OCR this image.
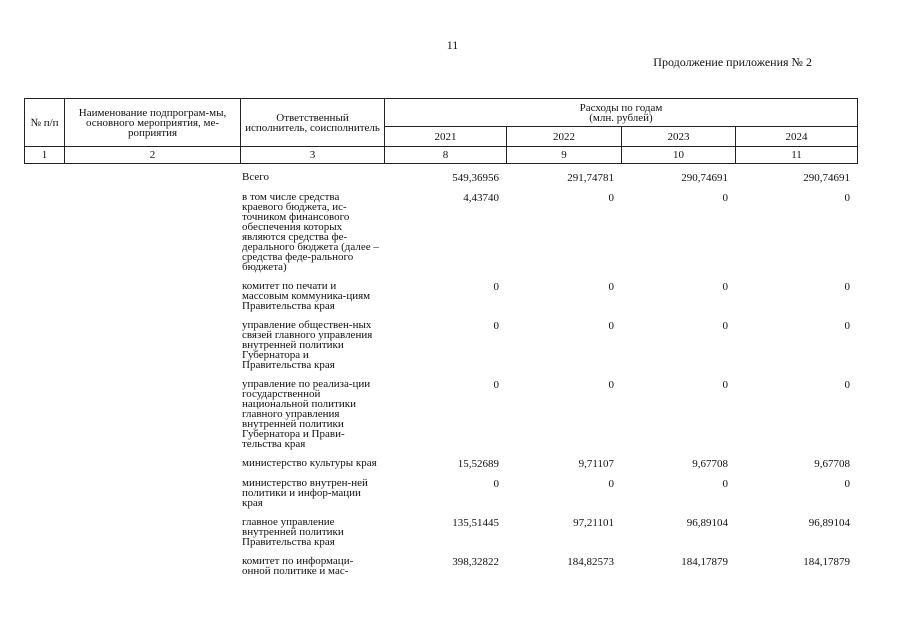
11
Продолжение приложения № 2
№ п/п	Наименование подпрограм-мы, основного мероприятия, ме-роприятия	Ответственный исполнитель, соисполнитель	Расходы по годам
(млн. рублей)			

			2021	2022	2023	2024
1	2	3	8	9	10	11
		Всего	549,36956	291,74781	290,74691	290,74691
		в том числе средства краевого бюджета, ис-точником финансового обеспечения которых являются средства фе-дерального бюджета (далее – средства феде-рального бюджета)	4,43740	0	0	0
		комитет по печати и массовым коммуника-циям Правительства края	0	0	0	0
		управление обществен-ных связей главного управления внутренней политики Губернатора и Правительства края	0	0	0	0
		управление по реализа-ции государственной национальной политики главного управления внутренней политики Губернатора и Прави-тельства края	0	0	0	0
		министерство культуры края	15,52689	9,71107	9,67708	9,67708
		министерство внутрен-ней политики и инфор-мации края	0	0	0	0
		главное управление внутренней политики Правительства края	135,51445	97,21101	96,89104	96,89104
		комитет по информаци-онной политике и мас-	398,32822	184,82573	184,17879	184,17879
